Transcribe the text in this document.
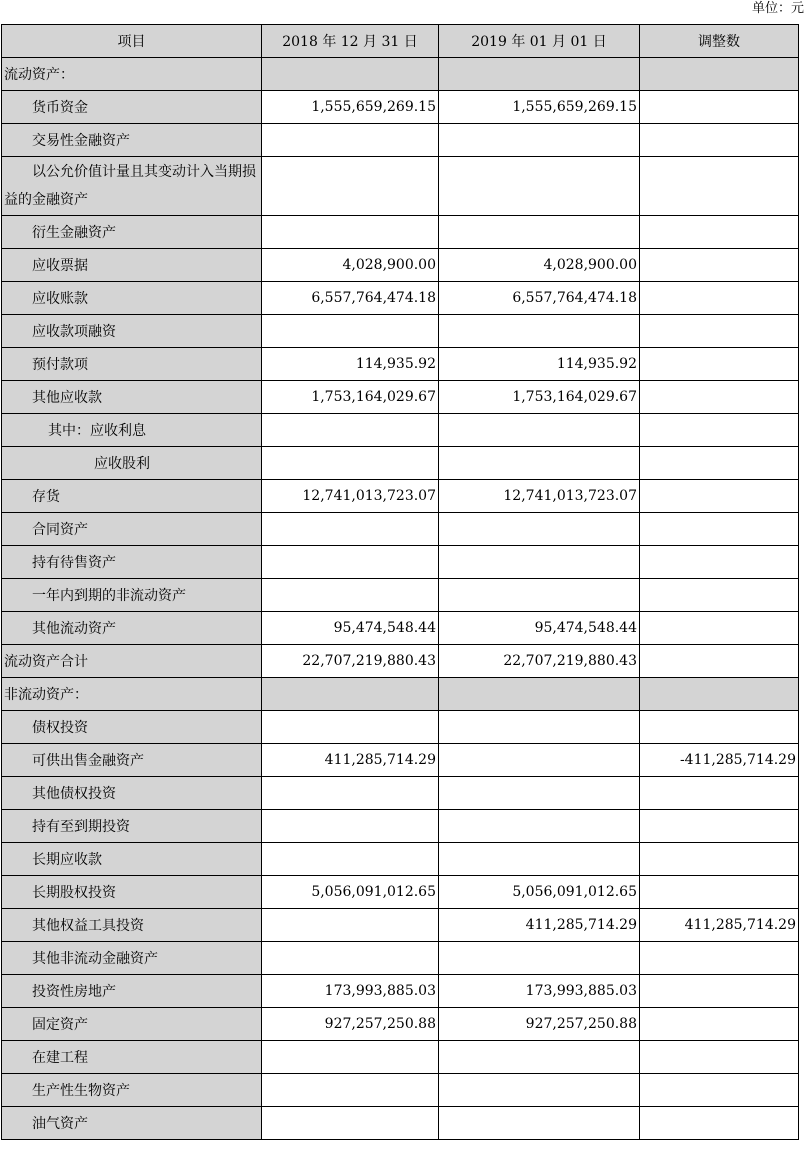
单位：元
项目	2018 年 12 月 31 日	2019 年 01 月 01 日	调整数
流动资产：			
货币资金	1,555,659,269.15	1,555,659,269.15	
交易性金融资产			
以公允价值计量且其变动计入当期损益的金融资产			
衍生金融资产			
应收票据	4,028,900.00	4,028,900.00	
应收账款	6,557,764,474.18	6,557,764,474.18	
应收款项融资			
预付款项	114,935.92	114,935.92	
其他应收款	1,753,164,029.67	1,753,164,029.67	
其中：应收利息			
应收股利			
存货	12,741,013,723.07	12,741,013,723.07	
合同资产			
持有待售资产			
一年内到期的非流动资产			
其他流动资产	95,474,548.44	95,474,548.44	
流动资产合计	22,707,219,880.43	22,707,219,880.43	
非流动资产：			
债权投资			
可供出售金融资产	411,285,714.29		-411,285,714.29
其他债权投资			
持有至到期投资			
长期应收款			
长期股权投资	5,056,091,012.65	5,056,091,012.65	
其他权益工具投资		411,285,714.29	411,285,714.29
其他非流动金融资产			
投资性房地产	173,993,885.03	173,993,885.03	
固定资产	927,257,250.88	927,257,250.88	
在建工程			
生产性生物资产			
油气资产			
